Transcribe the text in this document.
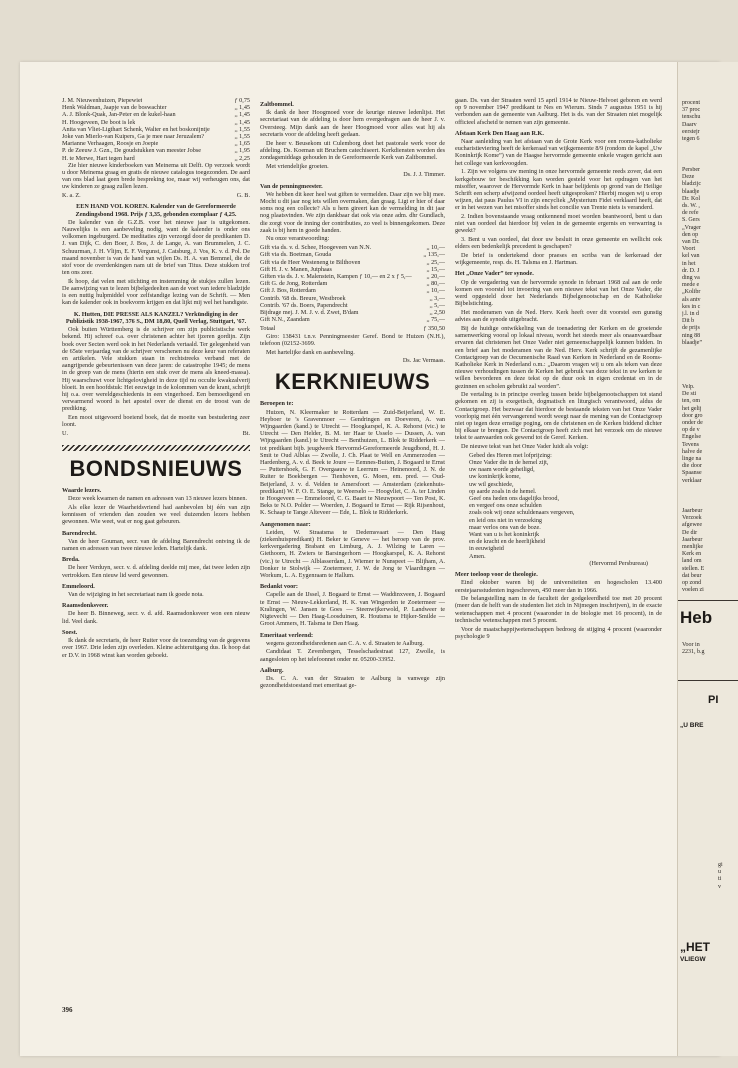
J. M. Nieuwenhuizen, Piepewiet	ƒ 0,75
Henk Waldman, Jaapje van de boswachter	,, 1,45
A. J. Blonk-Quak, Jan-Peter en de kukel-haan	,, 1,45
H. Hoogeveen, De boot is lek	,, 1,45
Anita van Vliet-Ligthart Schenk, Walter en het boskonijntje	,, 1,55
Joke van Mierlo-van Kuipers, Ga je mee naar Jeruzalem?	,, 1,55
Marianne Verhaagen, Roosje en Joepie	,, 1,65
P. de Zeeuw J. Gzn., De goudstukken van meester Jobse	,, 1,95
H. te Merwe, Hart tegen hard	,, 2,25

Zie hier nieuwe kinderboeken van Meinema uit Delft. Op verzoek wordt u door Meinema graag en gratis de nieuwe catalogus toegezonden. De aard van ons blad laat geen brede bespreking toe, maar wij verheugen ons, dat uw kinderen ze graag zullen lezen.

K. a. Z.	G. B.
EEN HAND VOL KOREN. Kalender van de Gereformeerde Zendingsbond 1968. Prijs ƒ 3,35, gebonden exemplaar ƒ 4,25.

De kalender van de G.Z.B. voor het nieuwe jaar is uitgekomen. Nauwelijks is een aanbeveling nodig, want de kalender is onder ons volkomen ingeburgerd. De meditaties zijn verzorgd door de predikanten D. J. van Dijk, C. den Boer, J. Bos, J. de Lange, A. van Brummelen, J. C. Schuurman, J. H. Vlijm, E. F. Vergunst, J. Catsburg, J. Vos, K. v. d. Pol. De maand november is van de hand van wijlen Ds. H. A. van Bemmel, die de stof voor de overdenkingen nam uit de brief van Titus. Deze stukken trof ten ons zeer.

Ik hoop, dat velen met stichting en instemming de stukjes zullen lezen. De aanwijzing van te lezen bijbelgedeelten aan de voet van iedere bladzijde is een nuttig hulpmiddel voor zelfstandige lezing van de Schrift. — Men kan de kalender ook in boekvorm krijgen en dat lijkt mij wel het handigste.

K. Hutten, DIE PRESSE ALS KANZEL? Verkündiging in der Publizistik 1938-1967, 376 S., DM 18,80, Quell Verlag, Stuttgart, '67.

Ook buiten Württemberg is de schrijver om zijn publicistische werk bekend. Hij schreef o.a. over christenen achter het ijzeren gordijn. Zijn boek over Secten werd ook in het Nederlands vertaald. Ter gelegenheid van de 65ste verjaardag van de schrijver verschenen nu deze keur van referaten en artikelen. Vele stukken staan in rechtstreeks verband met de aangrijpende gebeurtenissen van deze jaren: de catastrophe 1945; de mens in de greep van de mens (hierin een stuk over de mens als kneed-massa). Hij waarschuwt voor lichtgelovigheid in deze tijd nu occulte kwakzalverij bloeit. In een hoofdstuk: Het eeuwige in de kolommen van de krant, schrijft hij o.a. over wereldgeschiedenis in een vingerhoed. Een bemoedigend en verwarmend woord is het apostel over de dienst en de troost van de prediking.

Een mooi uitgevoerd boeiend boek, dat de moeite van bestudering zeer loont.

U.	Bt.
BONDSNIEUWS
Waarde lezers.

Deze week kwamen de namen en adressen van 13 nieuwe lezers binnen.

Als elke lezer de Waarheidsvriend had aanbevolen bij één van zijn kennissen of vrienden dan zouden we veel duizenden lezers hebben gewonnen. Wie weet, wat er nog gaat gebeuren.

Barendrecht.

Van de heer Gouman, secr. van de afdeling Barendrecht ontving ik de namen en adressen van twee nieuwe leden. Hartelijk dank.

Breda.

De heer Verduyn, secr. v. d. afdeling deelde mij mee, dat twee leden zijn vertrokken. Een nieuw lid werd gewonnen.

Emmeloord.

Van de wijziging in het secretariaat nam ik goede nota.

Raamsdonksveer.

De heer B. Binneweg, secr. v. d. afd. Raamsdonksveer won een nieuw lid. Veel dank.

Soest.

Ik dank de secretaris, de heer Ruiter voor de toezending van de gegevens over 1967. Drie leden zijn overleden. Kleine achteruitgang dus. Ik hoop dat er D.V. in 1968 winst kan worden geboekt.

Zaltbommel.

Ik dank de heer Hoogmoed voor de keurige nieuwe ledenlijst. Het secretariaat van de afdeling is door hem overgedragen aan de heer J. v. Oversteeg. Mijn dank aan de heer Hoogmoed voor alles wat hij als secretaris voor de afdeling heeft gedaan.

De heer v. Beusekom uit Culemborg doet het pastorale werk voor de afdeling. Ds. Koeman uit Bruchem catechiseert. Kerkdiensten worden des zondagsmiddags gehouden in de Gereformeerde Kerk van Zaltbommel.

Met vriendelijke groeten.

Ds. J. J. Timmer.
Van de penningmeester.

We hebben dit keer heel wat giften te vermelden. Daar zijn we blij mee. Mocht u dit jaar nog iets willen overmaken, dan graag. Ligt er hier of daar soms nog een collecte? Als u hem gireert kan de vermelding in dit jaar nog plaatsvinden. We zijn dankbaar dat ook via onze adm. dhr Gundlach, die zorgt voor de inning der contributies, zo veel is binnengekomen. Deze zaak is bij hem in goede handen.

Nu onze verantwoording:

Gift via ds. v. d. Schee, Hoogeveen van N.N.	,, 10,—
Gift via ds. Boetman, Gouda	,, 135,—
Gift via de Heer Westeneng te Bilthoven	,, 25,—
Gift H. J. v. Manen, Jutphaas	,, 15,—
Giften via ds. J. v. Malenstein, Kampen ƒ 10,— en 2 x ƒ 5,— ,, 20,—
Gift G. de Jong, Rotterdam	,, 80,—
Gift J. Bos, Rotterdam	,, 10,—
Contrib. '68 ds. Breure, Westbroek	,, 3,—
Contrib. '67 ds. Boers, Papendrecht	,, 5,—
Bijdrage mej. J. M. J. v. d. Zwet, B'dam	,, 2,50
Gift N.N., Zaandam	,, 75,—
Totaal	ƒ 350,50

Giro: 138431 t.n.v. Penningmeester Geref. Bond te Huizen (N.H.), telefoon (02152-3699.

Met hartelijke dank en aanbeveling.

Ds. Jac Vermaas.
KERKNIEUWS
Beroepen te:

Huizen, N. Kleermaker te Rotterdam — Zuid-Beijerland, W. E. Heyboer te 's Gravenmoer — Gendringen en Doeveren, A. van Wijngaarden (kand.) te Utrecht — Hoogkarspel, K. A. Rehorst (vic.) te Utrecht — Den Helder, B. M. ter Haar te Usselo — Dussen, A. van Wijngaarden (kand.) te Utrecht — Benthuizen, L. Blok te Ridderkerk — tot predikant bijb. jeugdwerk Hervormd-Gereformeerde Jeugdbond, H. J. Smit te Oud Alblas — Zwolle, J. Ch. Plaat te Well en Ammerzoden — Hardenberg, A. v. d. Beek te Joure — Eemnes-Buiten, J. Bogaard te Ernst — Puttershoek, G. F. Overgaauw te Leerrum — Heinenoord, J. N. de Ruiter te Boekbergen — Tienhoven, G. Moen, em. pred. — Oud-Beijerland, J. v. d. Velden te Amersfoort — Amsterdam (ziekenhuis-predikant) W. F. O. E. Stange, te Weerselo — Hoogvliet, C. A. ter Linden te Hoogeveen — Emmeloord, C. G. Baart te Nieuwpoort — Ten Post, K. Beks te N.O. Polder — Woerden, J. Bogaard te Ernst — Rijk Rijsenhout, K. Schaap te Tange Alteveer — Ede, L. Blok te Ridderkerk.

Aangenomen naar:

Leiden, W. Straatsma te Dedemsvaart — Den Haag (ziekenhuispredikant) H. Beker te Geneve — het beroep van de prov. kerkvergadering Brabant en Limburg, A. J. Wilzing te Laren — Giethoorn, H. Zwiers te Barsingerhorn — Hoogkarspel, K. A. Rehorst (vic.) te Utrecht — Alblasserdam, J. Wiemer te Nunspeet — Blijham, A. Donker te Stolwijk — Zoetermeer, J. W. de Jong te Vlaardingen — Workum, L. A. Eygenraam te Hallum.

Bedankt voor:

Capelle aan de IJssel, J. Bogaard te Ernst — Waddinxveen, J. Bogaard te Ernst — Nieuw-Lekkerland, H. K. van Wingerden te Zoetermeer — Kralingen, W. Jansen te Goes — Steenwijkerwold, P. Landweer te Nigtevecht — Den Haag-Loosduinen, R. Houtsma te Hijker-Smilde — Groot Ammers, H. Talsma te Den Haag.

Emeritaat verleend:

wegens gezondheidsredenen aan C. A. v. d. Straaten te Aalburg.

Candidaat T. Zevenbergen, Tesselschadestraat 127, Zwolle, is aangesloten op het telefoonnet onder nr. 05200-33952.

Aalburg.

Ds. C. A. van der Straaten te Aalburg is vanwege zijn gezondheidstoestand met emeritaat ge-

gaan. Ds. van der Straaten werd 15 april 1914 te Nieuw-Helvoet geboren en werd op 9 november 1947 predikant te Nes en Wierum. Sinds 7 augustus 1951 is hij verbonden aan de gemeente van Aalburg. Het is ds. van der Straaten niet mogelijk officieel afscheid te nemen van zijn gemeente.

Afstaan Kerk Den Haag aan R.K.

Naar aanleiding van het afstaan van de Grote Kerk voor een rooms-katholieke eucharistieviering heeft de kerkeraad van wijkgemeente 8/9 (rondom de kapel „Uw Koninkrijk Kome”) van de Haagse hervormde gemeente enkele vragen gericht aan het college van kerkvoogden.

1. Zijn we volgens uw mening in onze hervormde gemeente reeds zover, dat een kerkgebouw ter beschikking kan worden gesteld voor het opdragen van het misoffer, waarover de Hervormde Kerk in haar belijdenis op grond van de Heilige Schrift een scherp afwijzend oordeel heeft uitgesproken? Hierbij mogen wij u erop wijzen, dat paus Paulus VI in zijn encycliek „Mysterium Fidei verklaard heeft, dat er in het wezen van het misoffer sinds het concilie van Trente niets is veranderd.

2. Indien bovenstaande vraag ontkennend moet worden beantwoord, bent u dan niet van oordeel dat hierdoor bij velen in de gemeente ergernis en verwarring is gewekt?

3. Bent u van oordeel, dat door uw besluit in onze gemeente en wellicht ook elders een bedenkelijk precedent is geschapen?

De brief is ondertekend door praeses en scriba van de kerkeraad der wijkgemeente, resp. ds. H. Talsma en J. Hartman.

Het „Onze Vader” ter synode.

Op de vergadering van de hervormde synode in februari 1968 zal aan de orde komen een voorstel tot invoering van een nieuwe tekst van het Onze Vader, die werd opgesteld door het Nederlands Bijbelgenootschap en de Katholieke Bijbelstichting.

Het moderamen van de Ned. Herv. Kerk heeft over dit voorstel een gunstig advies aan de synode uitgebracht.

Bij de huidige ontwikkeling van de toenadering der Kerken en de groeiende samenwerking vooral op lokaal niveau, wordt het steeds meer als onaanvaardbaar ervaren dat christenen het Onze Vader niet gemeenschappelijk kunnen bidden. In een brief aan het moderamen van de Ned. Herv. Kerk schrijft de gezamenlijke Contactgroep van de Oecumenische Raad van Kerken in Nederland en de Rooms-Katholieke Kerk in Nederland o.m.: „Daarom vragen wij u om als teken van deze nieuwe verhoudingen tussen de Kerken het gebruik van deze tekst in uw kerken te willen bevorderen en deze tekst op de duur ook in eigen credentat en in de gezinnen en scholen gebruikt zal worden”.

De vertaling is in principe overleg tussen beide bijbelgenootschappen tot stand gekomen en zij is exegetisch, dogmatisch en liturgisch verantwoord, aldus de Contactgroep. Het bezwaar dat hierdoor de bestaande teksten van het Onze Vader voorlopig met één vervangerend wordt weegt naar de mening van de Contactgroep niet op tegen deze ernstige poging, om de christenen en de Kerken biddend dichter bij elkaar te brengen. De Contactgroep heeft zich met het verzoek om de nieuwe tekst te aanvaarden ook gewend tot de Geref. Kerken.

De nieuwe tekst van het Onze Vader luidt als volgt:

Gebed des Heren met lofprijzing:
Onze Vader die in de hemel zijt,
uw naam worde geheiligd,
uw koninkrijk kome,
uw wil geschiede,
op aarde zoals in de hemel.
Geef ons heden ons dagelijks brood,
en vergeef ons onze schulden
zoals ook wij onze schuldenaars vergeven,
en leid ons niet in verzoeking
maar verlos ons van de boze.
Want van u is het koninkrijk
en de kracht en de heerlijkheid
in eeuwigheid
Amen.
(Hervormd Persbureau)
Meer toeloop voor de theologie.

Eind oktober waren bij de universiteiten en hogescholen 13.400 eerstejaarsstudenten ingeschreven, 450 meer dan in 1966.

De belangstelling nam in de faculteit der godgeleerdheid toe met 20 procent (meer dan de helft van de studenten liet zich in Nijmegen inschrijven), in de exacte wetenschappen met 4 procent (waaronder in de biologie met 16 procent), in de technische wetenschappen met 5 procent.

Voor de maatschappijwetenschappen bedroeg de stijging 4 procent (waaronder psychologie 9

396
procent
37 proc
tenschu
Daarv
eerstejr
tegen 6
Persber
Deze
bladzijc
blaadje
Dr. Kol
ds. W. ,
de refe
S. Gers
„Vrager
den op
van Dr.
Voort
kel van
in het
dr. D. J
ding va
mede e
„Kolibr
als antv
kes in c
j.l. in d
Dit b
de prijs
ning 88
blaadje”
Velp.
De sti
ten, om
het gelij
door gro
onder de
op de v
Engelse
Tevens
halve de
linge na
die door
Spaanse
verklaar
Jaarbeur
Verzoek
afgewee
De dir
Jaarbeur
menlijke
Kerk en
land om
stellen. E
dat beur
op zond
voelen zi
Heb
Voor in
2231, b.g
PI
„U BRE
gi
u
ti
v
„HET
VLIEGW
